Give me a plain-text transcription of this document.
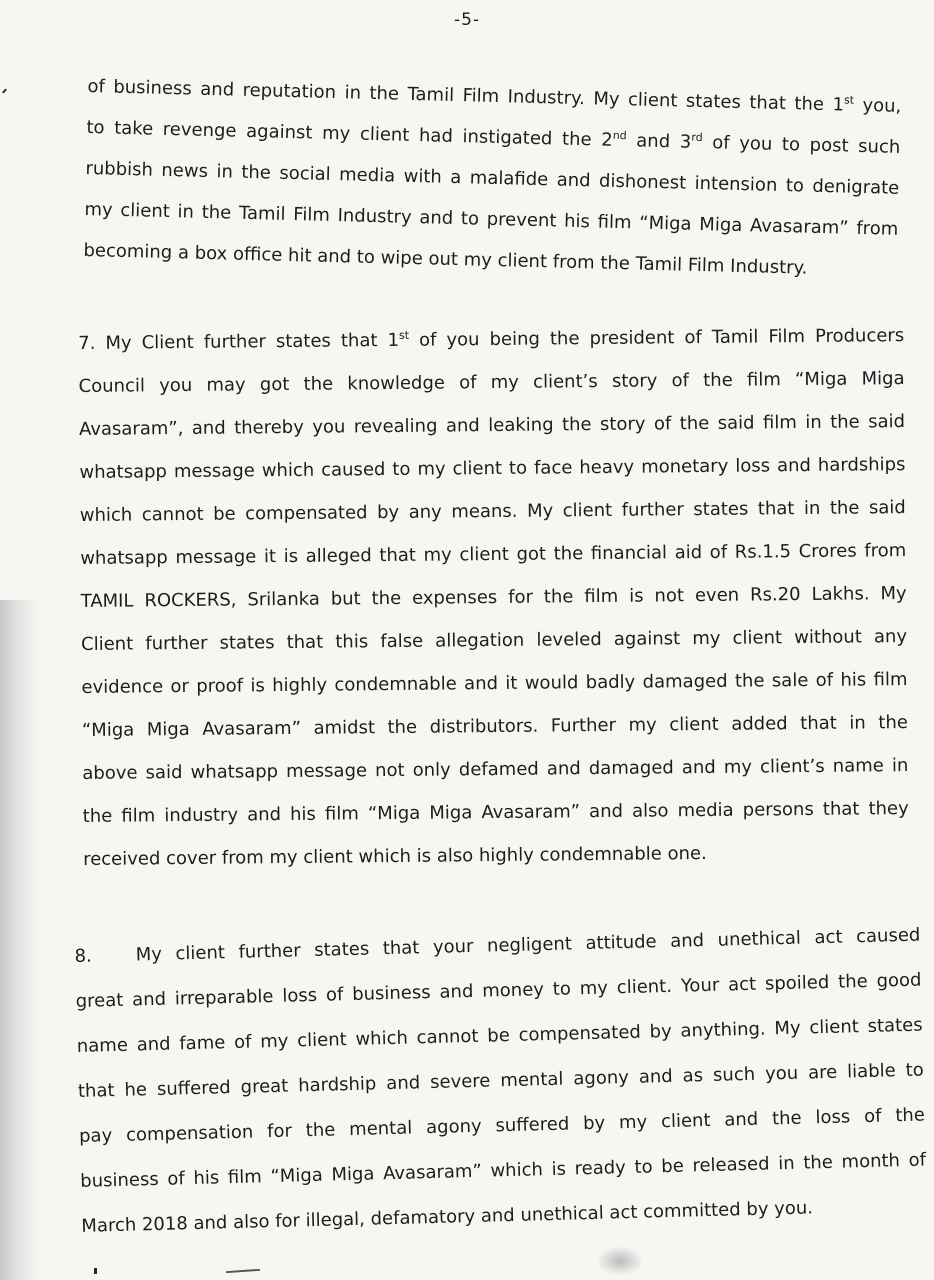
-5-
of business and reputation in the Tamil Film Industry. My client states that the 1st you,
to take revenge against my client had instigated the 2nd and 3rd of you to post such
rubbish news in the social media with a malafide and dishonest intension to denigrate
my client in the Tamil Film Industry and to prevent his film “Miga Miga Avasaram” from
becoming a box office hit and to wipe out my client from the Tamil Film Industry.
7. My Client further states that 1st of you being the president of Tamil Film Producers
Council you may got the knowledge of my client’s story of the film “Miga Miga
Avasaram”, and thereby you revealing and leaking the story of the said film in the said
whatsapp message which caused to my client to face heavy monetary loss and hardships
which cannot be compensated by any means. My client further states that in the said
whatsapp message it is alleged that my client got the financial aid of Rs.1.5 Crores from
TAMIL ROCKERS, Srilanka but the expenses for the film is not even Rs.20 Lakhs. My
Client further states that this false allegation leveled against my client without any
evidence or proof is highly condemnable and it would badly damaged the sale of his film
“Miga Miga Avasaram” amidst the distributors. Further my client added that in the
above said whatsapp message not only defamed and damaged and my client’s name in
the film industry and his film “Miga Miga Avasaram” and also media persons that they
received cover from my client which is also highly condemnable one.
8. My client further states that your negligent attitude and unethical act caused
great and irreparable loss of business and money to my client. Your act spoiled the good
name and fame of my client which cannot be compensated by anything. My client states
that he suffered great hardship and severe mental agony and as such you are liable to
pay compensation for the mental agony suffered by my client and the loss of the
business of his film “Miga Miga Avasaram” which is ready to be released in the month of
March 2018 and also for illegal, defamatory and unethical act committed by you.
